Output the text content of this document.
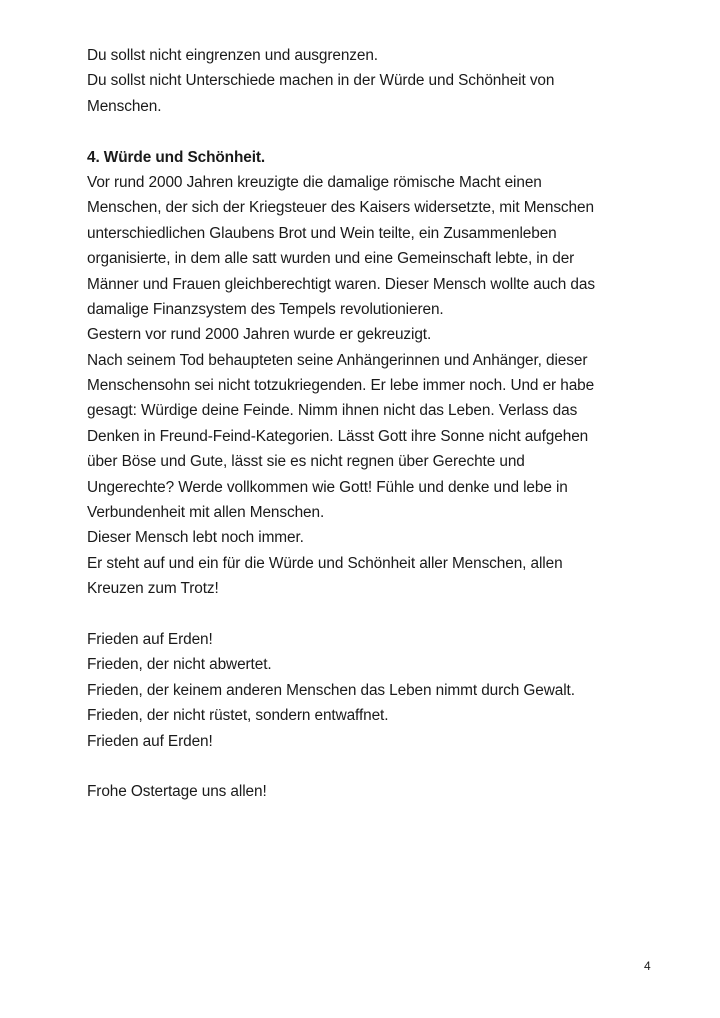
Du sollst nicht eingrenzen und ausgrenzen.
Du sollst nicht Unterschiede machen in der Würde und Schönheit von
Menschen.
4. Würde und Schönheit.
Vor rund 2000 Jahren kreuzigte die damalige römische Macht einen
Menschen, der sich der Kriegsteuer des Kaisers widersetzte, mit Menschen
unterschiedlichen Glaubens Brot und Wein teilte, ein Zusammenleben
organisierte, in dem alle satt wurden und eine Gemeinschaft lebte, in der
Männer und Frauen gleichberechtigt waren. Dieser Mensch wollte auch das
damalige Finanzsystem des Tempels revolutionieren.
Gestern vor rund 2000 Jahren wurde er gekreuzigt.
Nach seinem Tod behaupteten seine Anhängerinnen und Anhänger, dieser
Menschensohn sei nicht totzukriegenden. Er lebe immer noch. Und er habe
gesagt: Würdige deine Feinde. Nimm ihnen nicht das Leben. Verlass das
Denken in Freund-Feind-Kategorien. Lässt Gott ihre Sonne nicht aufgehen
über Böse und Gute, lässt sie es nicht regnen über Gerechte und
Ungerechte? Werde vollkommen wie Gott! Fühle und denke und lebe in
Verbundenheit mit allen Menschen.
Dieser Mensch lebt noch immer.
Er steht auf und ein für die Würde und Schönheit aller Menschen, allen
Kreuzen zum Trotz!
Frieden auf Erden!
Frieden, der nicht abwertet.
Frieden, der keinem anderen Menschen das Leben nimmt durch Gewalt.
Frieden, der nicht rüstet, sondern entwaffnet.
Frieden auf Erden!
Frohe Ostertage uns allen!
4
